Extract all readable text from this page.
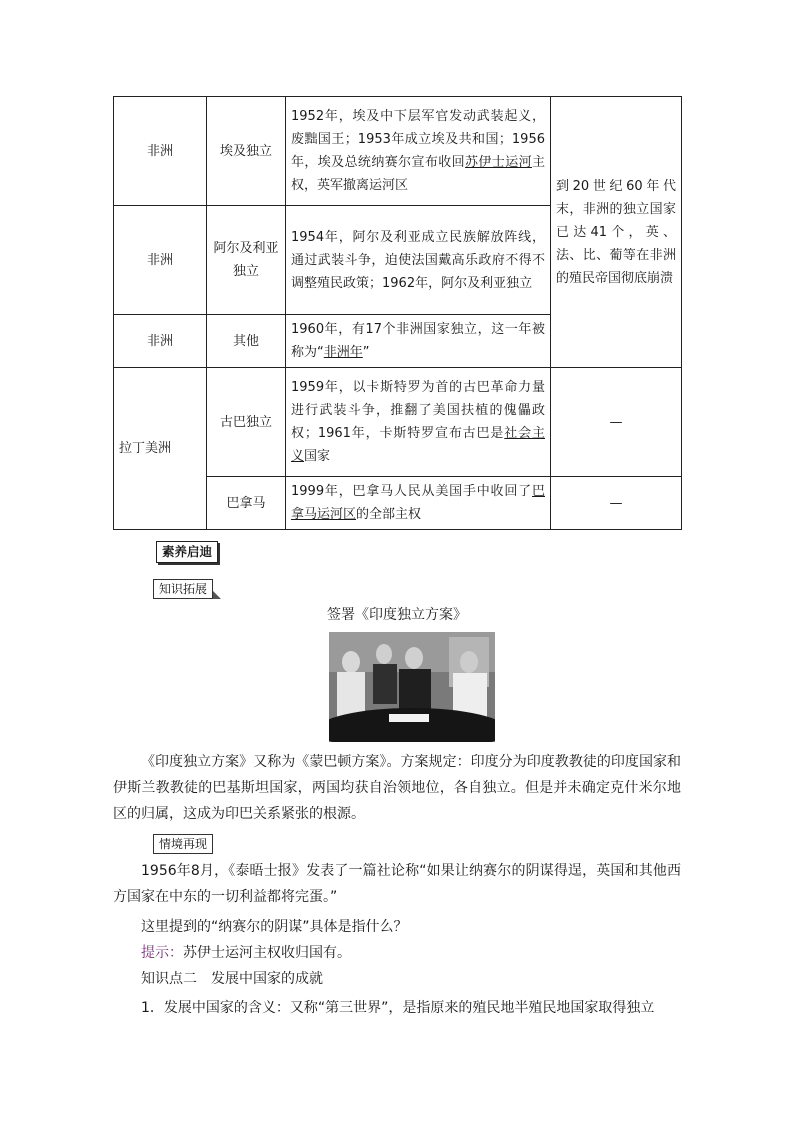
非洲	埃及独立	1952年，埃及中下层军官发动武装起义，废黜国王；1953年成立埃及共和国；1956年，埃及总统纳赛尔宣布收回苏伊士运河主权，英军撤离运河区	到20世纪60年代末，非洲的独立国家已达41个，英、法、比、葡等在非洲的殖民帝国彻底崩溃
非洲	阿尔及利亚独立	1954年，阿尔及利亚成立民族解放阵线，通过武装斗争，迫使法国戴高乐政府不得不调整殖民政策；1962年，阿尔及利亚独立	
非洲	其他	1960年，有17个非洲国家独立，这一年被称为“非洲年”	
拉丁美洲	古巴独立	1959年，以卡斯特罗为首的古巴革命力量进行武装斗争，推翻了美国扶植的傀儡政权；1961年，卡斯特罗宣布古巴是社会主义国家	—
	巴拿马	1999年，巴拿马人民从美国手中收回了巴拿马运河区的全部主权	—
素养启迪
知识拓展
签署《印度独立方案》
《印度独立方案》又称为《蒙巴顿方案》。方案规定：印度分为印度教教徒的印度国家和伊斯兰教教徒的巴基斯坦国家，两国均获自治领地位，各自独立。但是并未确定克什米尔地区的归属，这成为印巴关系紧张的根源。
情境再现
1956年8月，《泰晤士报》发表了一篇社论称“如果让纳赛尔的阴谋得逞，英国和其他西方国家在中东的一切利益都将完蛋。”
这里提到的“纳赛尔的阴谋”具体是指什么？
提示：苏伊士运河主权收归国有。
知识点二　发展中国家的成就
1．发展中国家的含义：又称“第三世界”，是指原来的殖民地半殖民地国家取得独立
